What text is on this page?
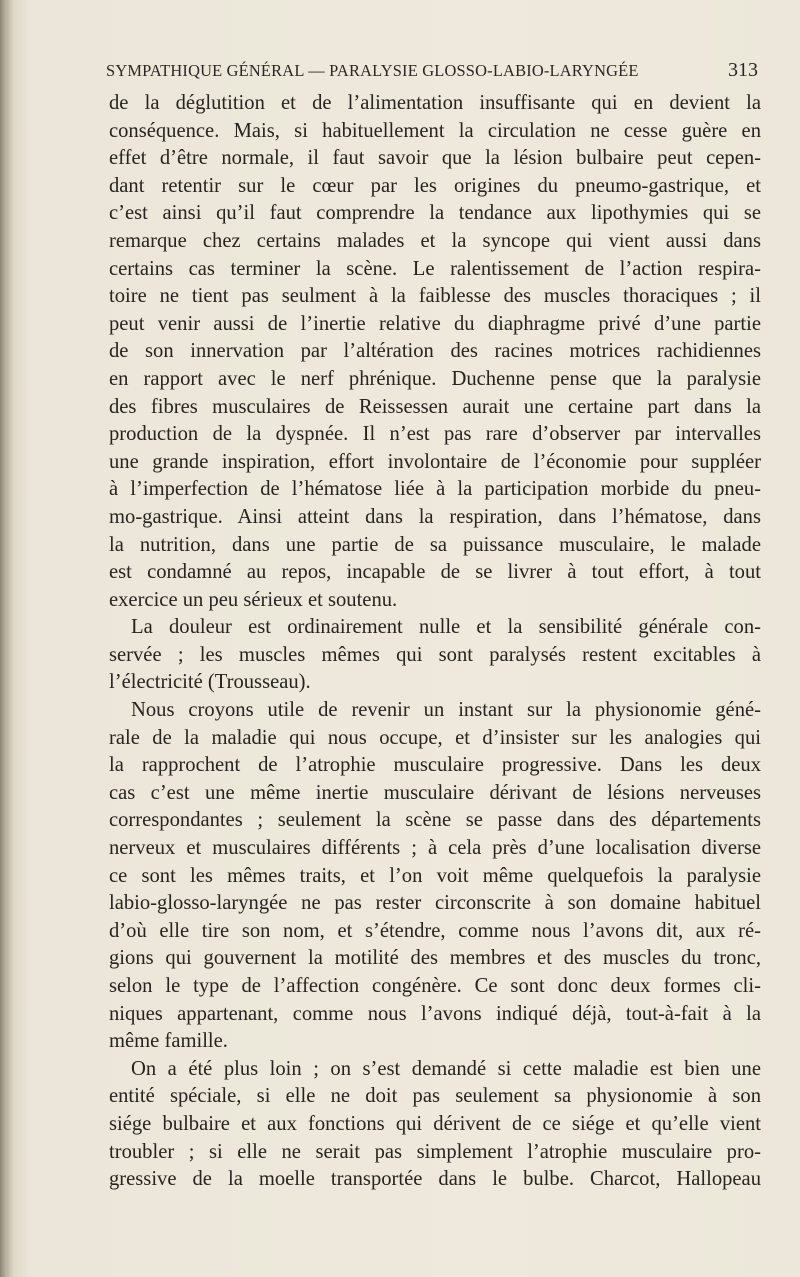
SYMPATHIQUE GÉNÉRAL — PARALYSIE GLOSSO-LABIO-LARYNGÉE	313
de la déglutition et de l’alimentation insuffisante qui en devient la
conséquence. Mais, si habituellement la circulation ne cesse guère en
effet d’être normale, il faut savoir que la lésion bulbaire peut cepen-
dant retentir sur le cœur par les origines du pneumo-gastrique, et
c’est ainsi qu’il faut comprendre la tendance aux lipothymies qui se
remarque chez certains malades et la syncope qui vient aussi dans
certains cas terminer la scène. Le ralentissement de l’action respira-
toire ne tient pas seulment à la faiblesse des muscles thoraciques ; il
peut venir aussi de l’inertie relative du diaphragme privé d’une partie
de son innervation par l’altération des racines motrices rachidiennes
en rapport avec le nerf phrénique. Duchenne pense que la paralysie
des fibres musculaires de Reissessen aurait une certaine part dans la
production de la dyspnée. Il n’est pas rare d’observer par intervalles
une grande inspiration, effort involontaire de l’économie pour suppléer
à l’imperfection de l’hématose liée à la participation morbide du pneu-
mo-gastrique. Ainsi atteint dans la respiration, dans l’hématose, dans
la nutrition, dans une partie de sa puissance musculaire, le malade
est condamné au repos, incapable de se livrer à tout effort, à tout
exercice un peu sérieux et soutenu.
La douleur est ordinairement nulle et la sensibilité générale con-
servée ; les muscles mêmes qui sont paralysés restent excitables à
l’électricité (Trousseau).
Nous croyons utile de revenir un instant sur la physionomie géné-
rale de la maladie qui nous occupe, et d’insister sur les analogies qui
la rapprochent de l’atrophie musculaire progressive. Dans les deux
cas c’est une même inertie musculaire dérivant de lésions nerveuses
correspondantes ; seulement la scène se passe dans des départements
nerveux et musculaires différents ; à cela près d’une localisation diverse
ce sont les mêmes traits, et l’on voit même quelquefois la paralysie
labio-glosso-laryngée ne pas rester circonscrite à son domaine habituel
d’où elle tire son nom, et s’étendre, comme nous l’avons dit, aux ré-
gions qui gouvernent la motilité des membres et des muscles du tronc,
selon le type de l’affection congénère. Ce sont donc deux formes cli-
niques appartenant, comme nous l’avons indiqué déjà, tout-à-fait à la
même famille.
On a été plus loin ; on s’est demandé si cette maladie est bien une
entité spéciale, si elle ne doit pas seulement sa physionomie à son
siége bulbaire et aux fonctions qui dérivent de ce siége et qu’elle vient
troubler ; si elle ne serait pas simplement l’atrophie musculaire pro-
gressive de la moelle transportée dans le bulbe. Charcot, Hallopeau
